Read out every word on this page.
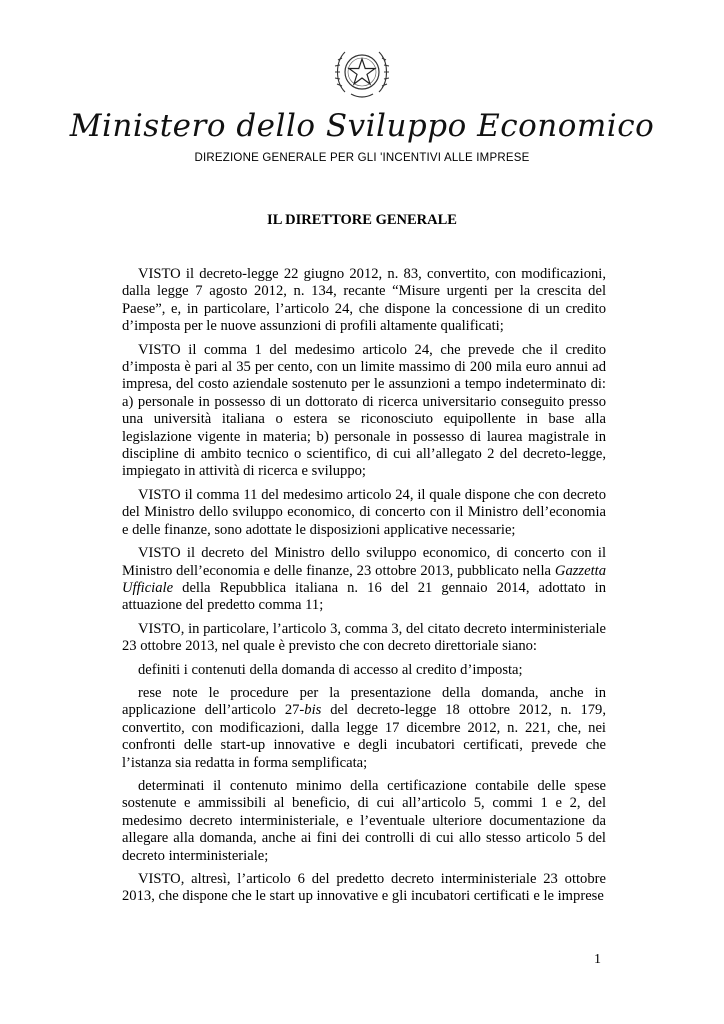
Ministero dello Sviluppo Economico
DIREZIONE GENERALE PER GLI 'INCENTIVI ALLE IMPRESE
IL DIRETTORE GENERALE

VISTO il decreto-legge 22 giugno 2012, n. 83, convertito, con modificazioni, dalla legge 7 agosto 2012, n. 134, recante “Misure urgenti per la crescita del Paese”, e, in particolare, l’articolo 24, che dispone la concessione di un credito d’imposta per le nuove assunzioni di profili altamente qualificati;

VISTO il comma 1 del medesimo articolo 24, che prevede che il credito d’imposta è pari al 35 per cento, con un limite massimo di 200 mila euro annui ad impresa, del costo aziendale sostenuto per le assunzioni a tempo indeterminato di: a) personale in possesso di un dottorato di ricerca universitario conseguito presso una università italiana o estera se riconosciuto equipollente in base alla legislazione vigente in materia; b) personale in possesso di laurea magistrale in discipline di ambito tecnico o scientifico, di cui all’allegato 2 del decreto-legge, impiegato in attività di ricerca e sviluppo;

VISTO il comma 11 del medesimo articolo 24, il quale dispone che con decreto del Ministro dello sviluppo economico, di concerto con il Ministro dell’economia e delle finanze, sono adottate le disposizioni applicative necessarie;

VISTO il decreto del Ministro dello sviluppo economico, di concerto con il Ministro dell’economia e delle finanze, 23 ottobre 2013, pubblicato nella Gazzetta Ufficiale della Repubblica italiana n. 16 del 21 gennaio 2014, adottato in attuazione del predetto comma 11;

VISTO, in particolare, l’articolo 3, comma 3, del citato decreto interministeriale 23 ottobre 2013, nel quale è previsto che con decreto direttoriale siano:

definiti i contenuti della domanda di accesso al credito d’imposta;

rese note le procedure per la presentazione della domanda, anche in applicazione dell’articolo 27-bis del decreto-legge 18 ottobre 2012, n. 179, convertito, con modificazioni, dalla legge 17 dicembre 2012, n. 221, che, nei confronti delle start-up innovative e degli incubatori certificati, prevede che l’istanza sia redatta in forma semplificata;

determinati il contenuto minimo della certificazione contabile delle spese sostenute e ammissibili al beneficio, di cui all’articolo 5, commi 1 e 2, del medesimo decreto interministeriale, e l’eventuale ulteriore documentazione da allegare alla domanda, anche ai fini dei controlli di cui allo stesso articolo 5 del decreto interministeriale;

VISTO, altresì, l’articolo 6 del predetto decreto interministeriale 23 ottobre 2013, che dispone che le start up innovative e gli incubatori certificati e le imprese

1
